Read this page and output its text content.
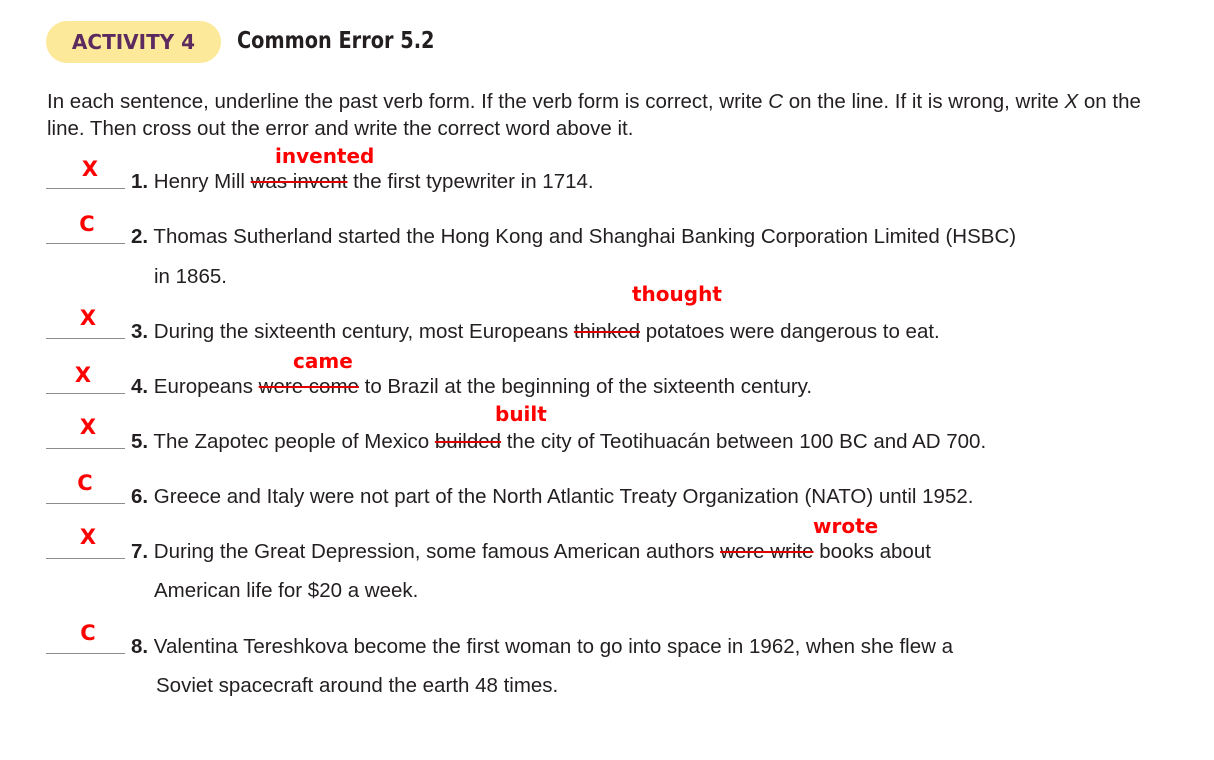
ACTIVITY 4	Common Error 5.2
In each sentence, underline the past verb form. If the verb form is correct, write C on the line. If it is wrong, write X on the line. Then cross out the error and write the correct word above it.
X
invented
1. Henry Mill was invent the first typewriter in 1714.
C
2. Thomas Sutherland started the Hong Kong and Shanghai Banking Corporation Limited (HSBC)
in 1865.
X
thought
3. During the sixteenth century, most Europeans thinked potatoes were dangerous to eat.
X
came
4. Europeans were come to Brazil at the beginning of the sixteenth century.
X
built
5. The Zapotec people of Mexico builded the city of Teotihuacán between 100 BC and AD 700.
C
6. Greece and Italy were not part of the North Atlantic Treaty Organization (NATO) until 1952.
X	wrote
7. During the Great Depression, some famous American authors were write books about
American life for $20 a week.
C
8. Valentina Tereshkova become the first woman to go into space in 1962, when she flew a
Soviet spacecraft around the earth 48 times.
